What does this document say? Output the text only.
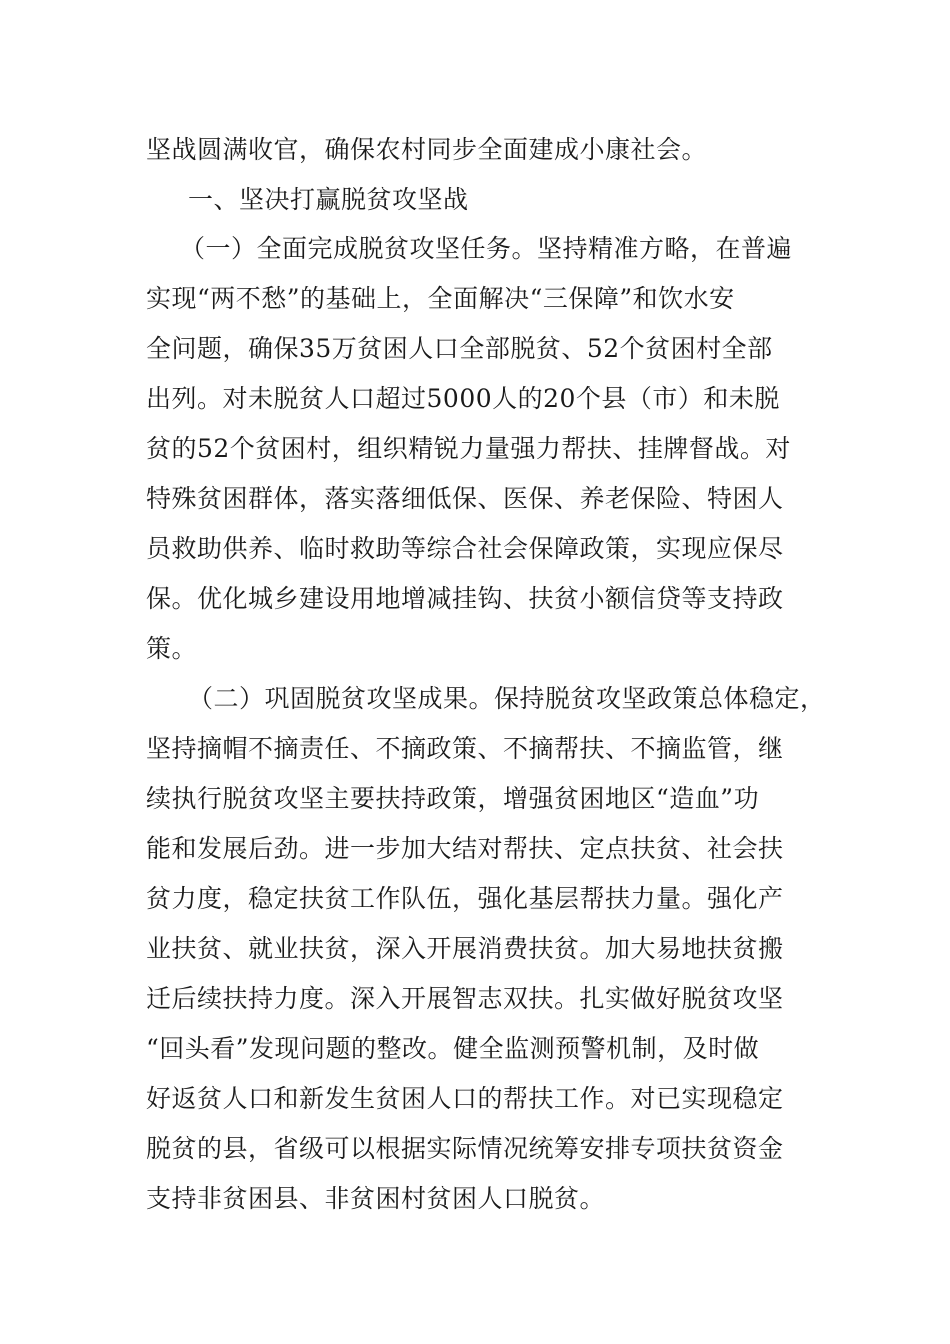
坚战圆满收官，确保农村同步全面建成小康社会。
一、坚决打赢脱贫攻坚战
（一）全面完成脱贫攻坚任务。坚持精准方略，在普遍
实现“两不愁”的基础上，全面解决“三保障”和饮水安
全问题，确保35万贫困人口全部脱贫、52个贫困村全部
出列。对未脱贫人口超过5000人的20个县（市）和未脱
贫的52个贫困村，组织精锐力量强力帮扶、挂牌督战。对
特殊贫困群体，落实落细低保、医保、养老保险、特困人
员救助供养、临时救助等综合社会保障政策，实现应保尽
保。优化城乡建设用地增减挂钩、扶贫小额信贷等支持政
策。
（二）巩固脱贫攻坚成果。保持脱贫攻坚政策总体稳定，
坚持摘帽不摘责任、不摘政策、不摘帮扶、不摘监管，继
续执行脱贫攻坚主要扶持政策，增强贫困地区“造血”功
能和发展后劲。进一步加大结对帮扶、定点扶贫、社会扶
贫力度，稳定扶贫工作队伍，强化基层帮扶力量。强化产
业扶贫、就业扶贫，深入开展消费扶贫。加大易地扶贫搬
迁后续扶持力度。深入开展智志双扶。扎实做好脱贫攻坚
“回头看”发现问题的整改。健全监测预警机制，及时做
好返贫人口和新发生贫困人口的帮扶工作。对已实现稳定
脱贫的县，省级可以根据实际情况统筹安排专项扶贫资金
支持非贫困县、非贫困村贫困人口脱贫。
